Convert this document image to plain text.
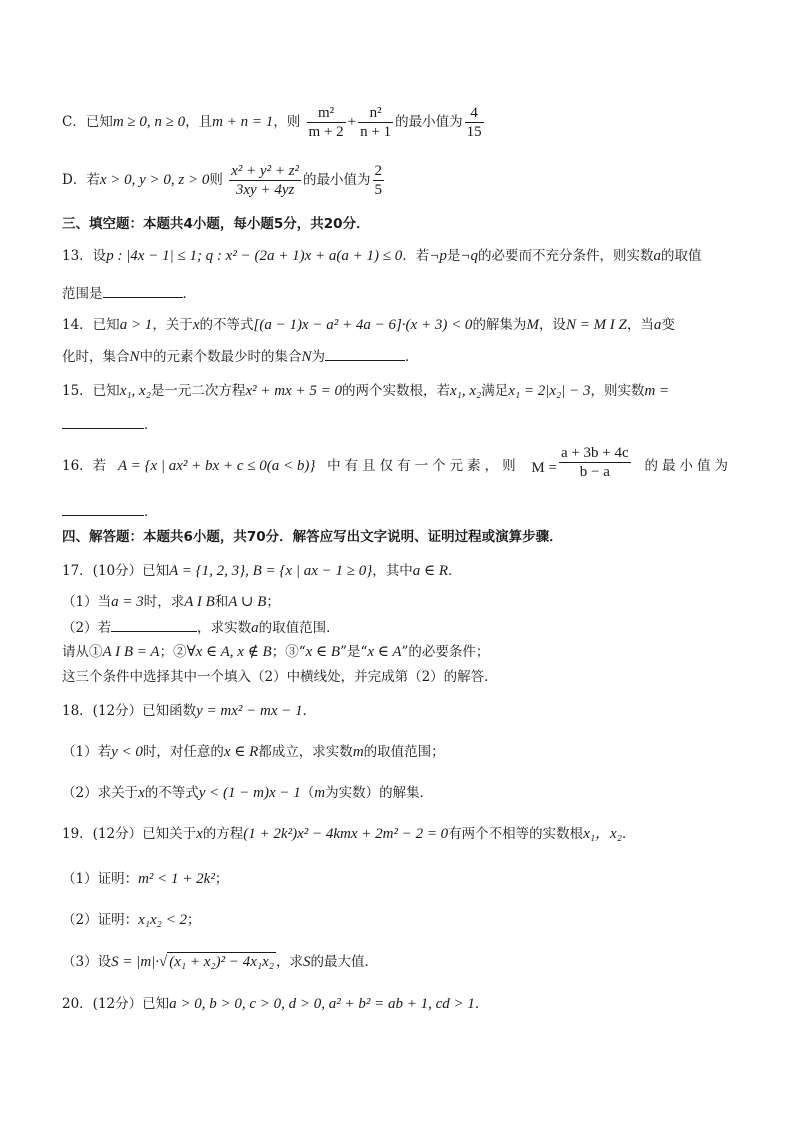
C．已知m ≥ 0, n ≥ 0，且m + n = 1，则 $\frac{\text{m²}}{m + 2} + \frac{\text{n²}}{n + 1}$ 的最小值为 $\frac{4}{15}$
D．若x > 0, y > 0, z > 0则 $\frac{\text{x² + y² + z²}}{3xy + 4yz}$ 的最小值为 $\frac{2}{5}$
三、填空题：本题共4小题，每小题5分，共20分．
13．设p : |4x − 1| ≤ 1; q : x² − (2a + 1)x + a(a + 1) ≤ 0．若¬p是¬q的必要而不充分条件，则实数a的取值
范围是	．
14．已知a > 1，关于x的不等式[(a − 1)x − a² + 4a − 6]·(x + 3) < 0的解集为M，设N = M I Z，当a变
化时，集合N中的元素个数最少时的集合N为	．
15．已知x₁, x₂是一元二次方程x² + mx + 5 = 0的两个实数根，若x₁, x₂满足x₁ = 2|x₂| − 3，则实数m =
．
16．若 A = {x | ax² + bx + c ≤ 0(a < b)} 中有且仅有一个元素，则 $M = \frac{a + 3b + 4c}{b - a}$ 的最小值为
．
四、解答题：本题共6小题，共70分．解答应写出文字说明、证明过程或演算步骤．
17．(10分）已知A = {1, 2, 3}, B = {x | ax − 1 ≥ 0}，其中a ∈ R．
（1）当a = 3时，求A I B和A ∪ B；
（2）若	，求实数a的取值范围．
请从①A I B = A；②∀x ∈ A, x ∉ B；③“x ∈ B”是“x ∈ A”的必要条件；
这三个条件中选择其中一个填入（2）中横线处，并完成第（2）的解答．
18．(12分）已知函数y = mx² − mx − 1．
（1）若y < 0时，对任意的x ∈ R都成立，求实数m的取值范围；
（2）求关于x的不等式y < (1 − m)x − 1（m为实数）的解集．
19．(12分）已知关于x的方程(1 + 2k²)x² − 4kmx + 2m² − 2 = 0有两个不相等的实数根x₁，x₂．
（1）证明：m² < 1 + 2k²；
（2）证明：x₁x₂ < 2；
（3）设S = |m|·√ (x₁ + x₂)² − 4x₁x₂ ，求S的最大值．
20．(12分）已知a > 0, b > 0, c > 0, d > 0, a² + b² = ab + 1, cd > 1．
